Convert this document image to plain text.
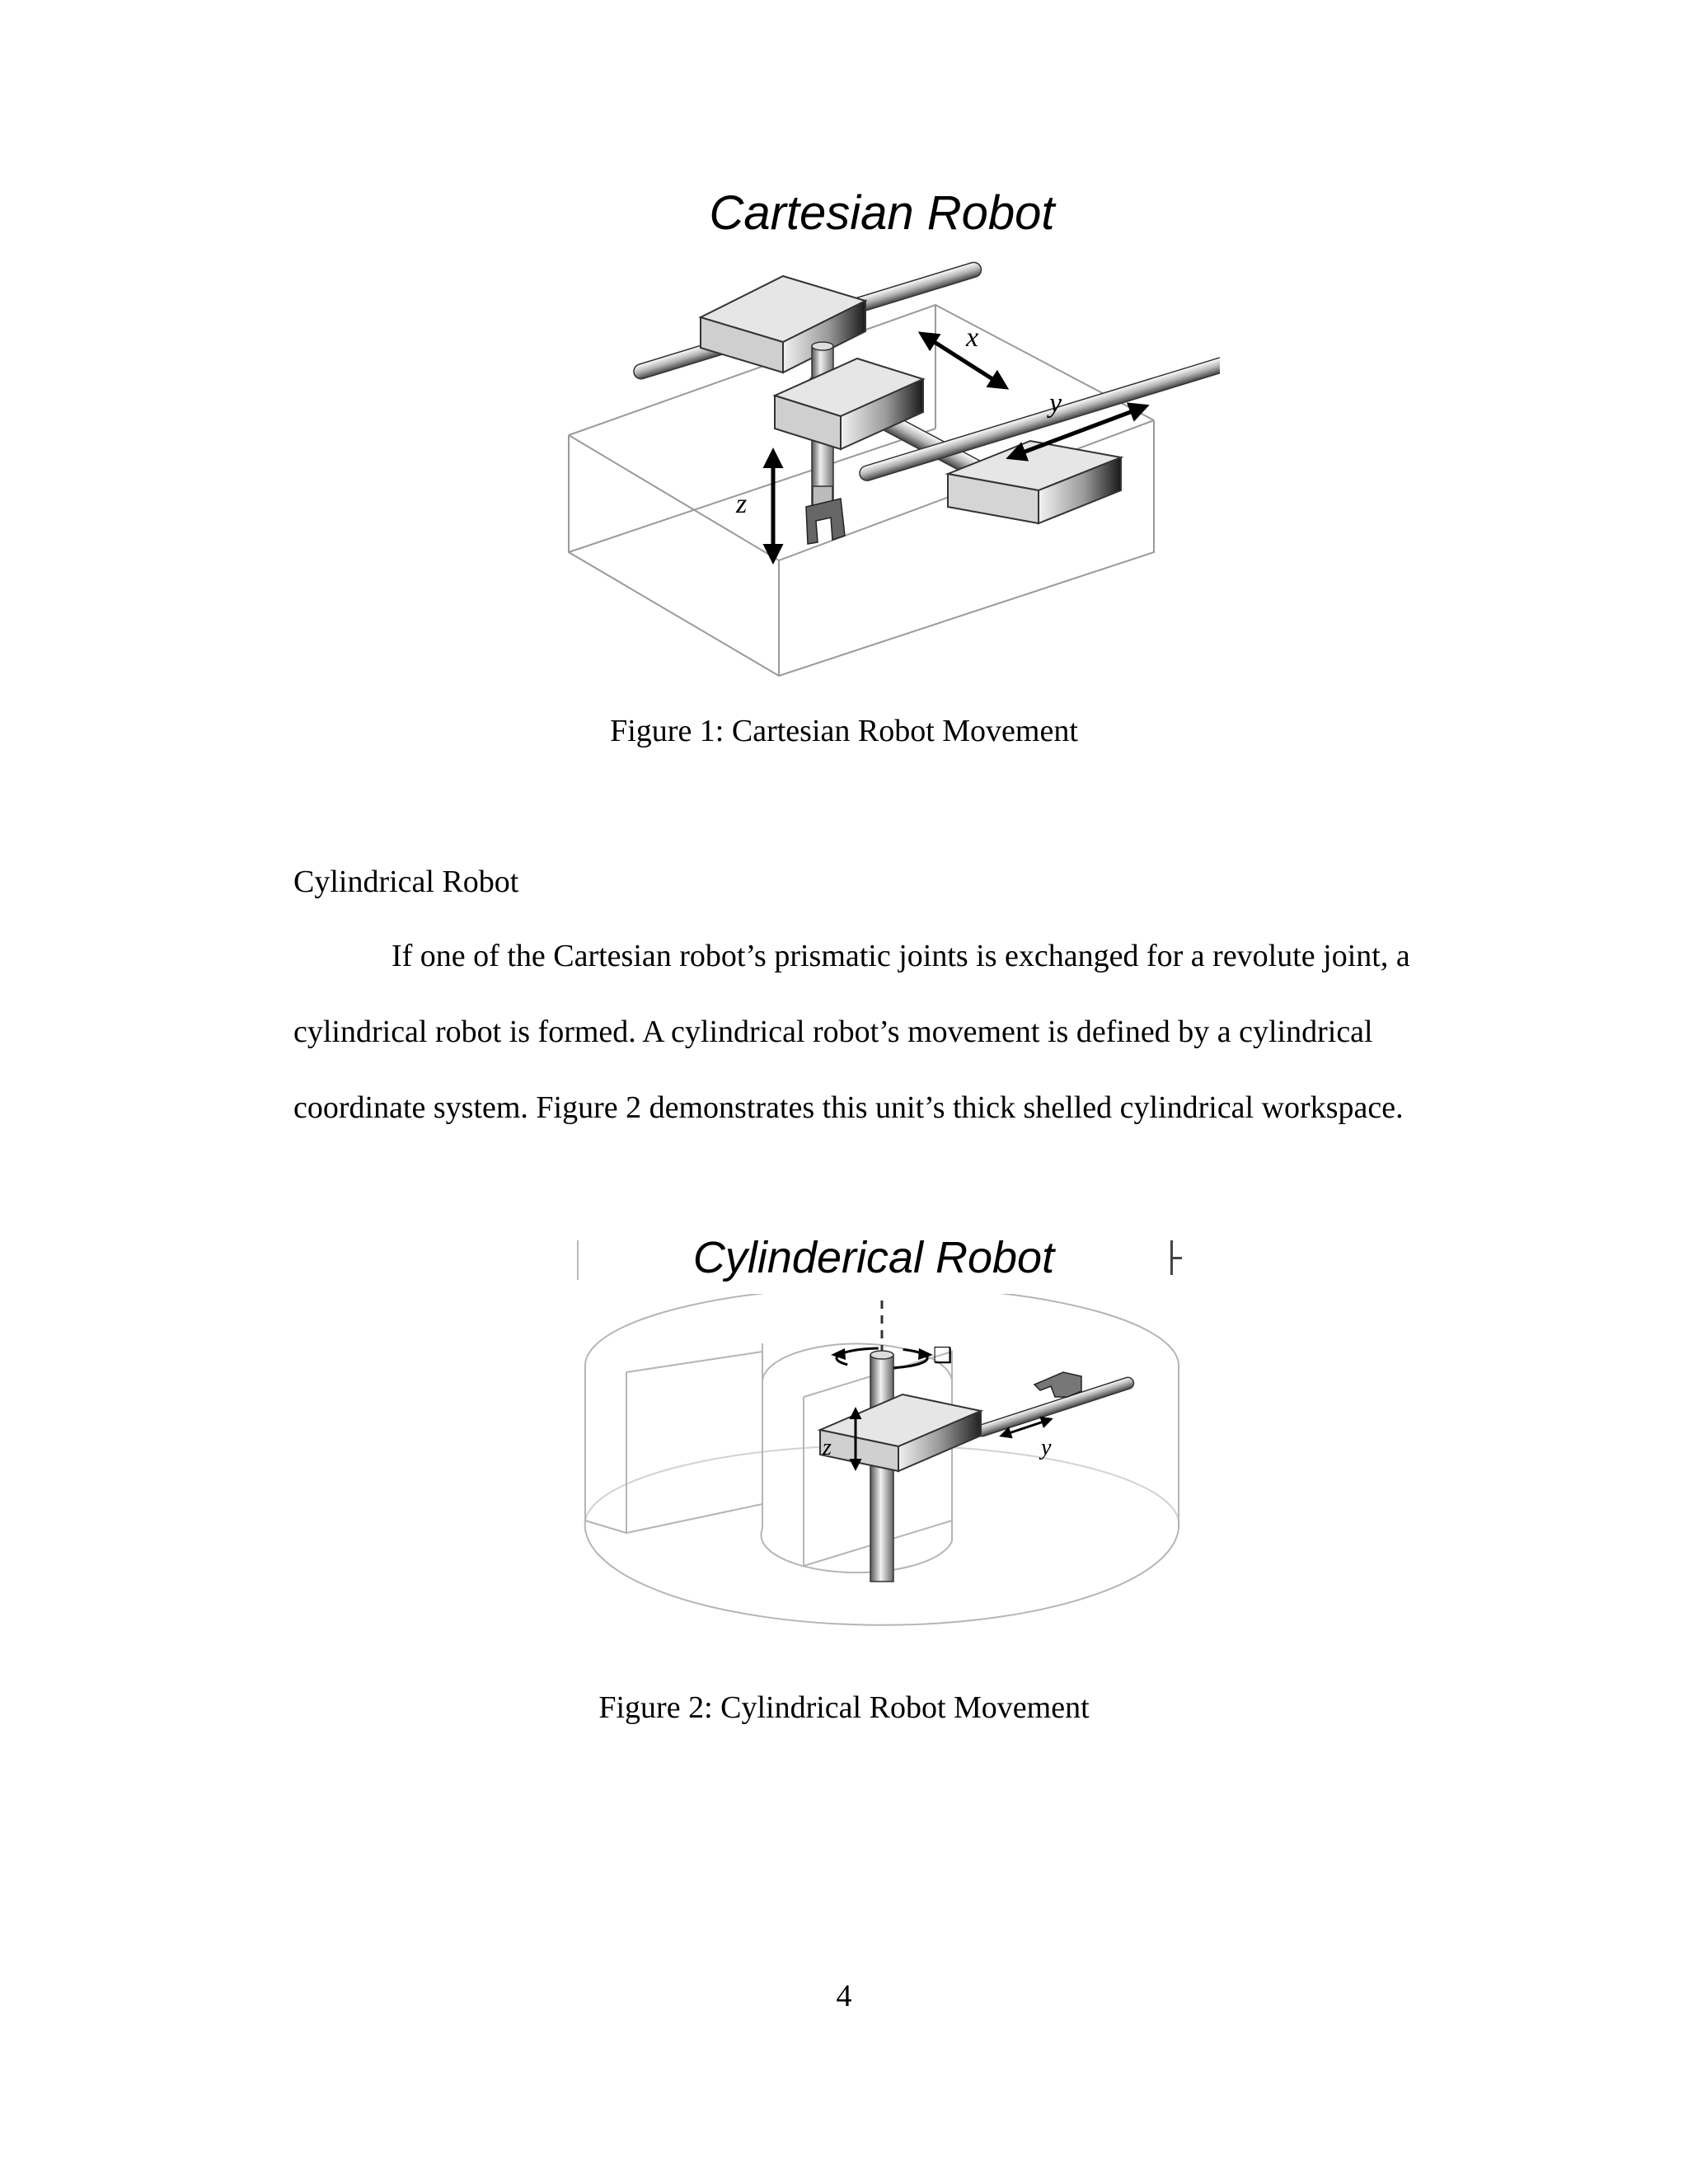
Cartesian Robot
x
y
z
Figure 1: Cartesian Robot Movement
Cylindrical Robot
If one of the Cartesian robot’s prismatic joints is exchanged for a revolute joint, a
cylindrical robot is formed. A cylindrical robot’s movement is defined by a cylindrical
coordinate system. Figure 2 demonstrates this unit’s thick shelled cylindrical workspace.
Cylinderical Robot
❑
z	y
Figure 2: Cylindrical Robot Movement
4
